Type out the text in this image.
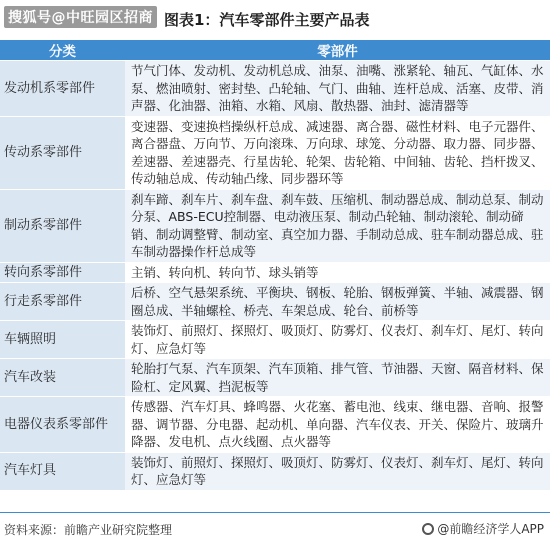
搜狐号@中旺园区招商 图表1：汽车零部件主要产品表
分类	零部件
发动机系零部件	节气门体、发动机、发动机总成、油泵、油嘴、涨紧轮、轴瓦、气缸体、水泵、燃油喷射、密封垫、凸轮轴、气门、曲轴、连杆总成、活塞、皮带、消声器、化油器、油箱、水箱、风扇、散热器、油封、滤清器等
传动系零部件	变速器、变速换档操纵杆总成、减速器、离合器、磁性材料、电子元器件、离合器盘、万向节、万向滚珠、万向球、球笼、分动器、取力器、同步器、差速器、差速器壳、行星齿轮、轮架、齿轮箱、中间轴、齿轮、挡杆拨叉、传动轴总成、传动轴凸缘、同步器环等
制动系零部件	刹车蹄、刹车片、刹车盘、刹车鼓、压缩机、制动器总成、制动总泵、制动分泵、ABS-ECU控制器、电动液压泵、制动凸轮轴、制动滚轮、制动碲销、制动调整臂、制动室、真空加力器、手制动总成、驻车制动器总成、驻车制动器操作杆总成等
转向系零部件	主销、转向机、转向节、球头销等
行走系零部件	后桥、空气悬架系统、平衡块、钢板、轮胎、钢板弹簧、半轴、减震器、钢圈总成、半轴螺栓、桥壳、车架总成、轮台、前桥等
车辆照明	装饰灯、前照灯、探照灯、吸顶灯、防雾灯、仪表灯、刹车灯、尾灯、转向灯、应急灯等
汽车改装	轮胎打气泵、汽车顶架、汽车顶箱、排气管、节油器、天窗、隔音材料、保险杠、定风翼、挡泥板等
电器仪表系零部件	传感器、汽车灯具、蜂鸣器、火花塞、蓄电池、线束、继电器、音响、报警器、调节器、分电器、起动机、单向器、汽车仪表、开关、保险片、玻璃升降器、发电机、点火线圈、点火器等
汽车灯具	装饰灯、前照灯、探照灯、吸顶灯、防雾灯、仪表灯、刹车灯、尾灯、转向灯、应急灯等
资料来源：前瞻产业研究院整理	@前瞻经济学人APP
